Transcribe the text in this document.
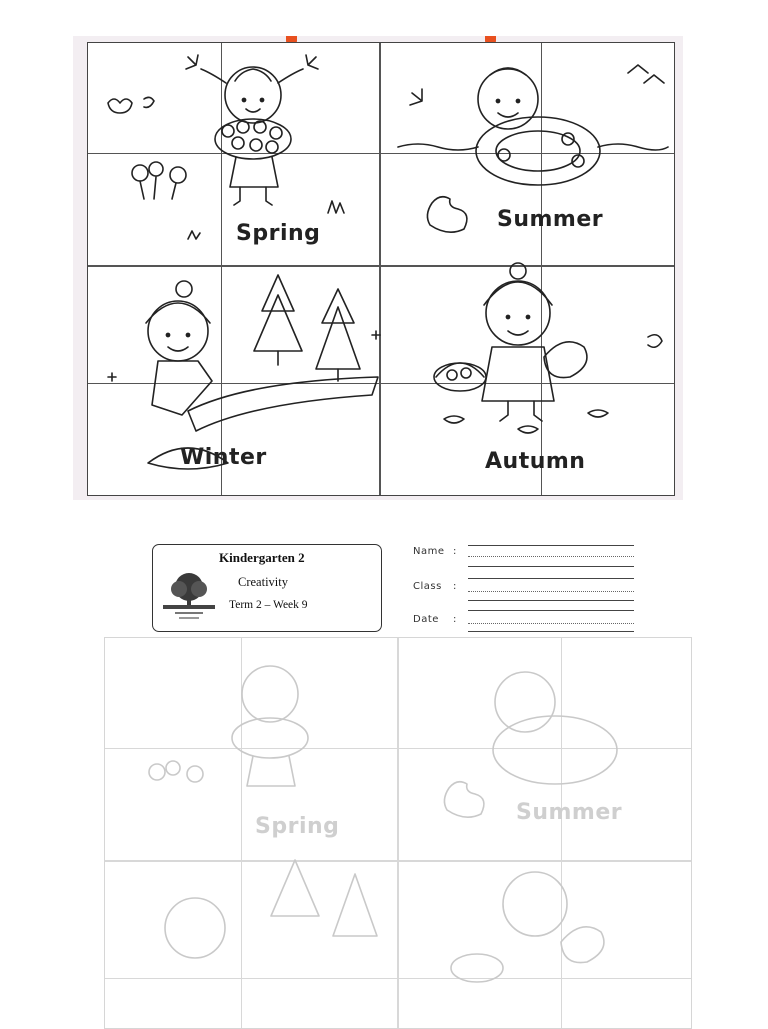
Spring
Summer
Winter	Autumn
Kindergarten 2
Creativity
Term 2 – Week 9
Name :
Class :
Date :
Spring
Summer
